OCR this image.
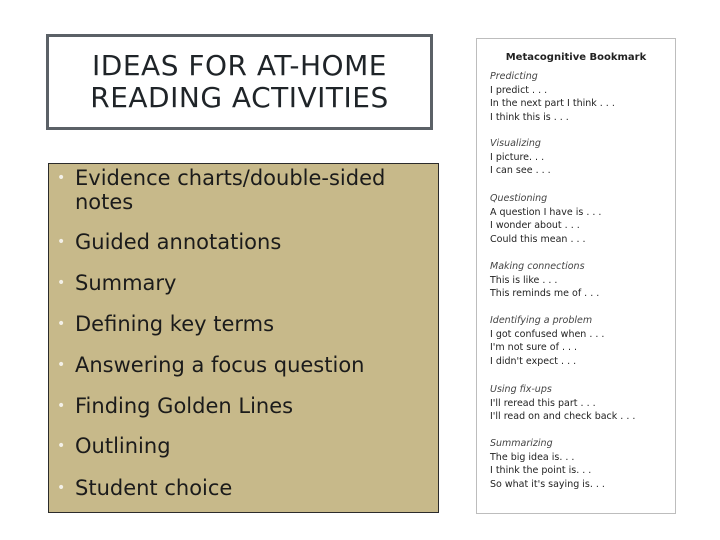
IDEAS FOR AT-HOME
READING ACTIVITIES
• Evidence charts/double-sided notes
• Guided annotations
• Summary
• Defining key terms
• Answering a focus question
• Finding Golden Lines
• Outlining
• Student choice
Metacognitive Bookmark
Predicting
I predict . . .
In the next part I think . . .
I think this is . . .
Visualizing
I picture. . .
I can see . . .
Questioning
A question I have is . . .
I wonder about . . .
Could this mean . . .
Making connections
This is like . . .
This reminds me of . . .
Identifying a problem
I got confused when . . .
I'm not sure of . . .
I didn't expect . . .
Using fix-ups
I'll reread this part . . .
I'll read on and check back . . .
Summarizing
The big idea is. . .
I think the point is. . .
So what it's saying is. . .
